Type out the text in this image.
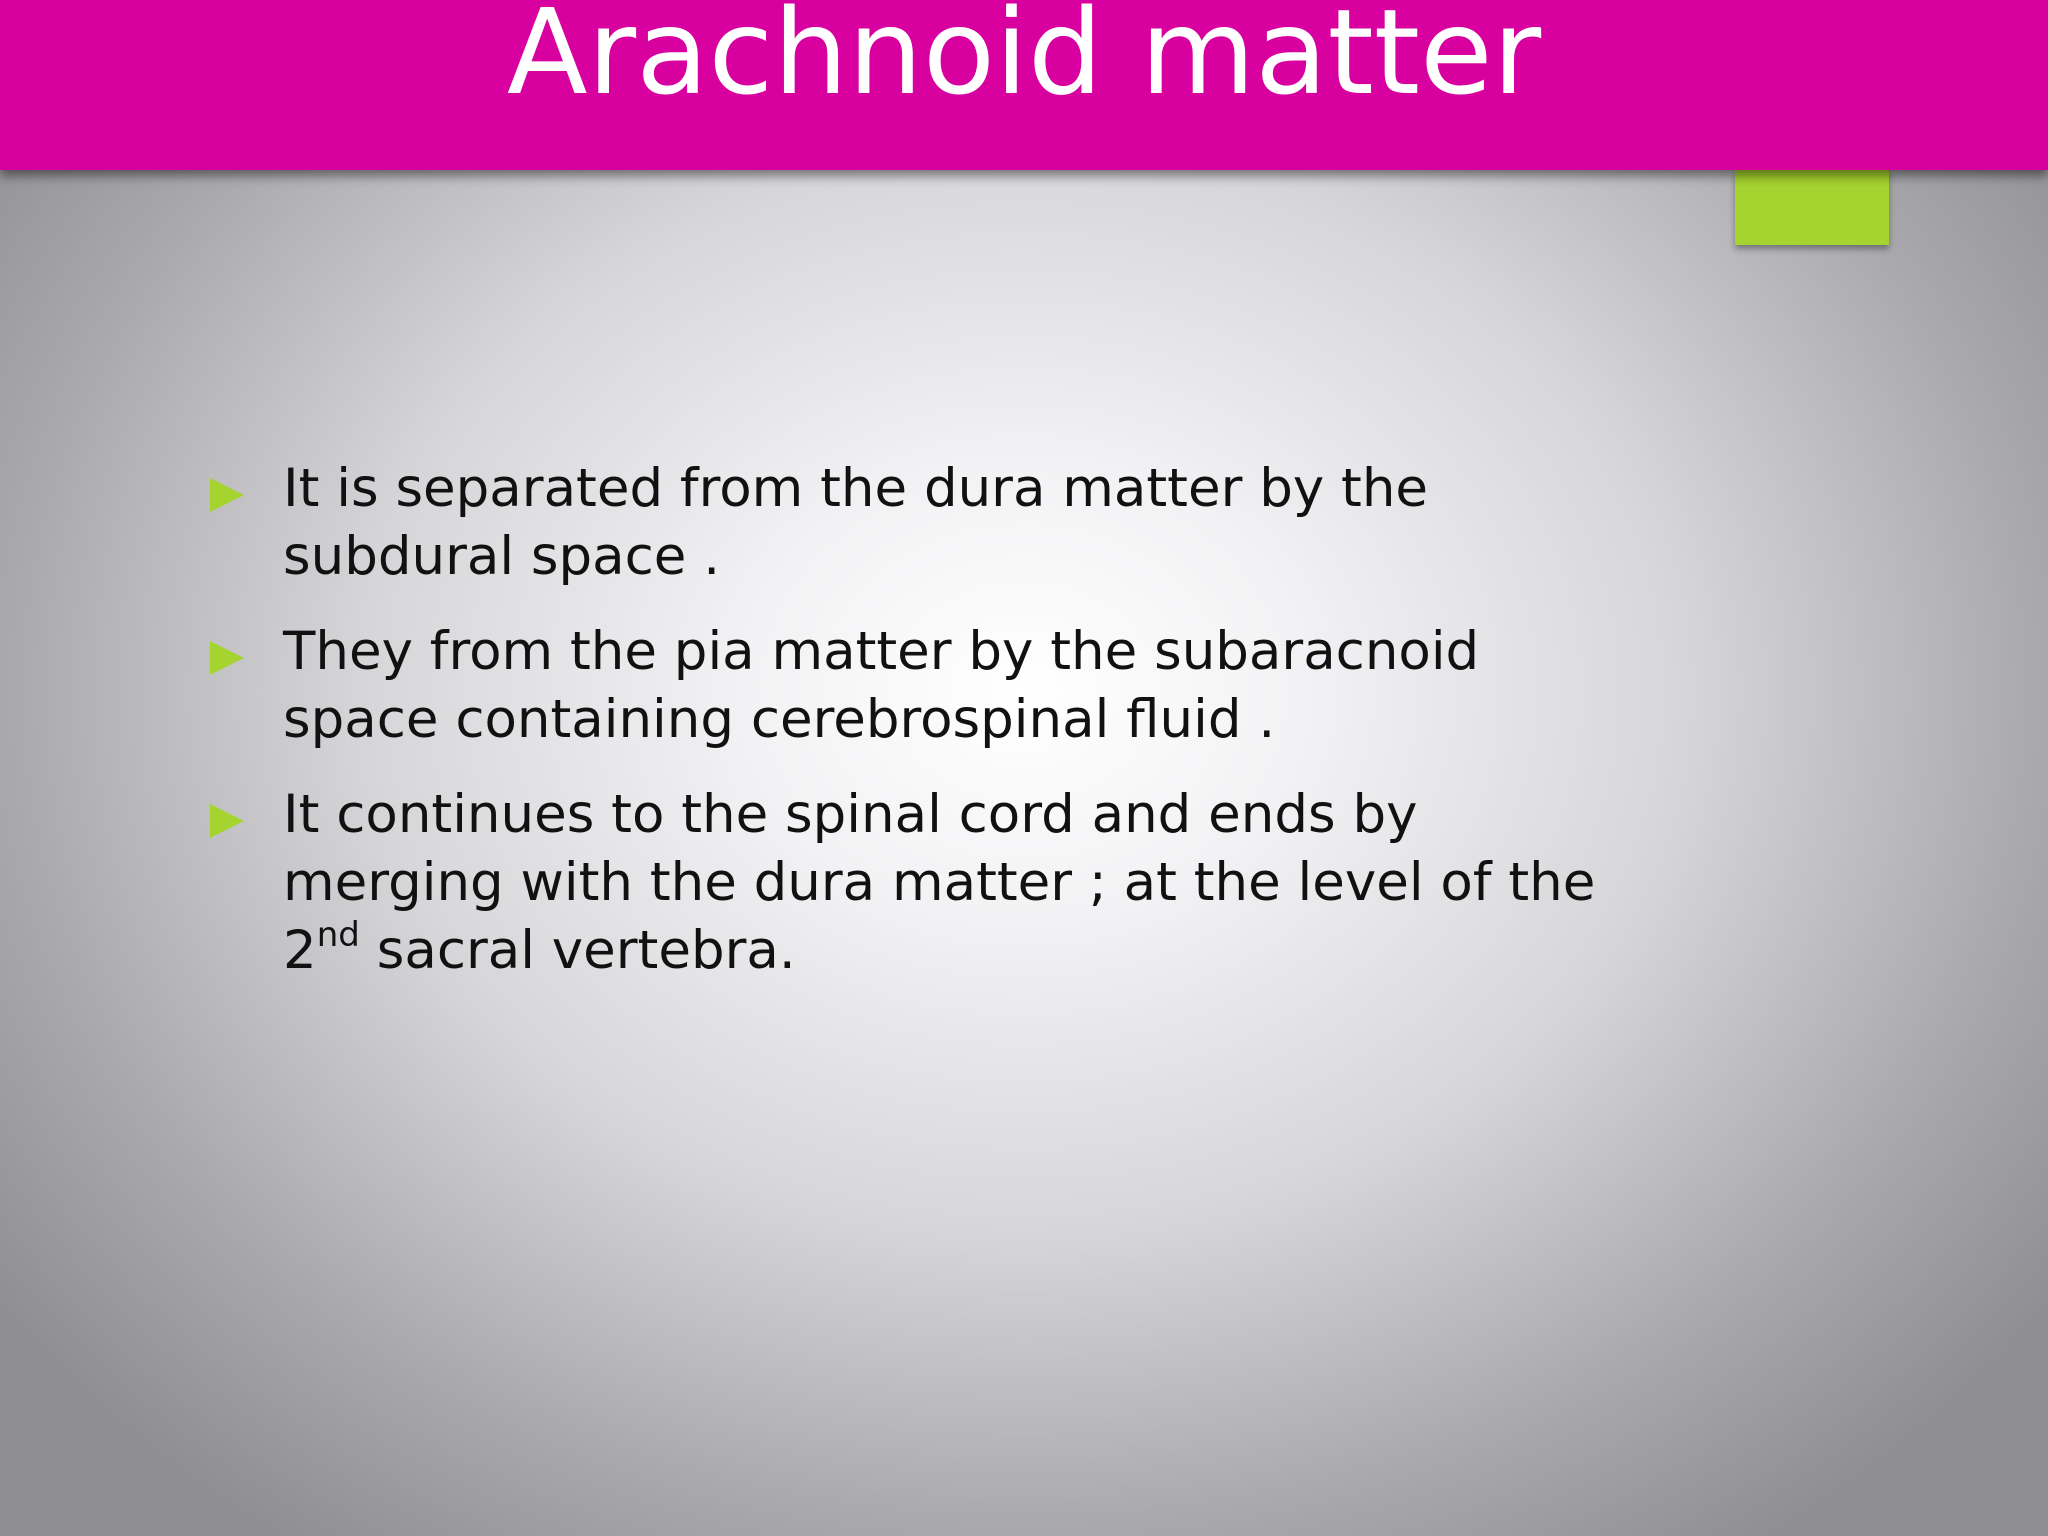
Arachnoid matter
It is separated from the dura matter by the subdural space .
They from the pia matter by the subaracnoid space containing cerebrospinal fluid .
It continues to the spinal cord and ends by merging with the dura matter ; at the level of the 2nd sacral vertebra.
